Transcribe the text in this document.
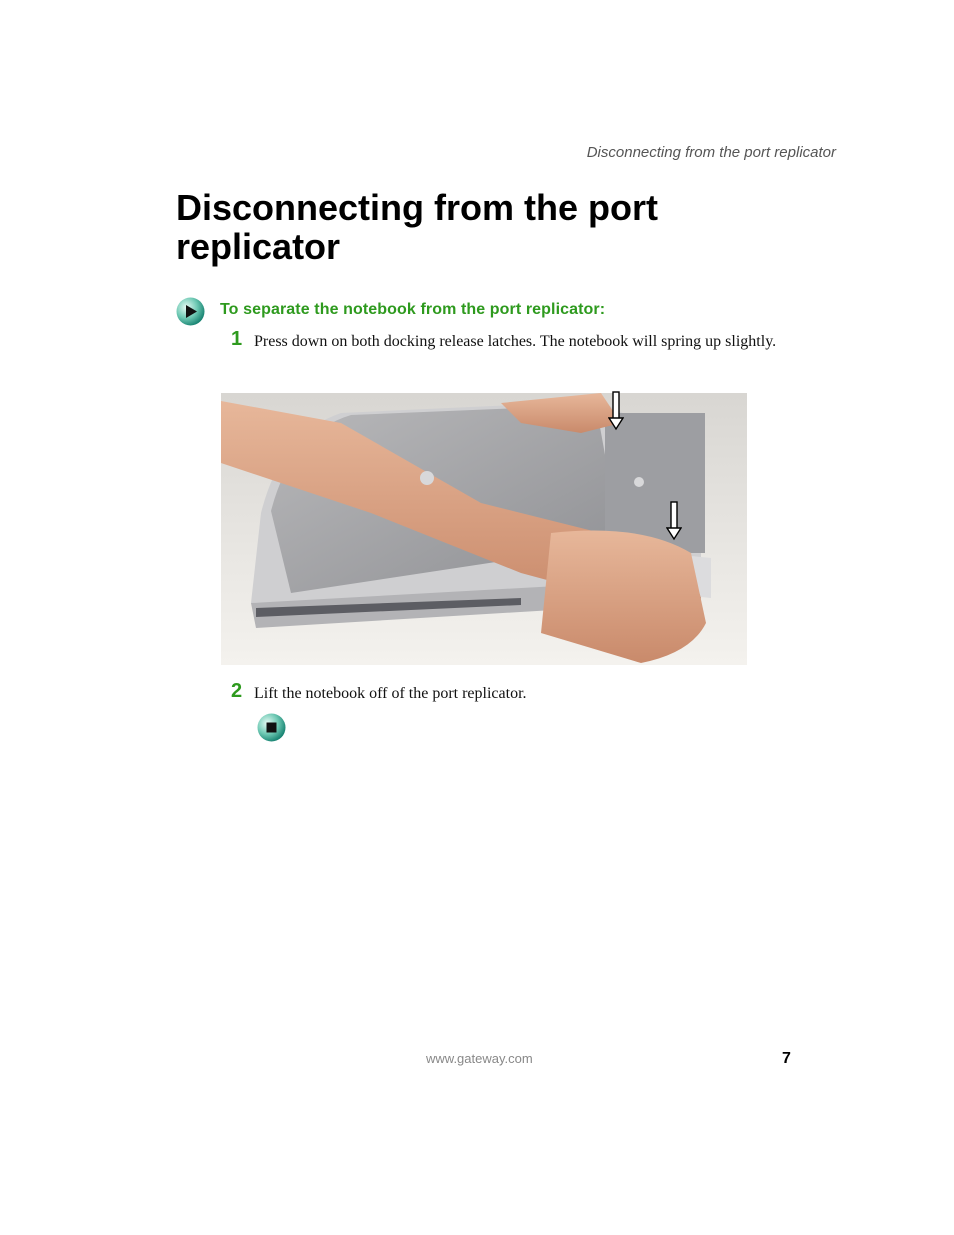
Disconnecting from the port replicator
Disconnecting from the port replicator
To separate the notebook from the port replicator:
1 Press down on both docking release latches. The notebook will spring up slightly.
2 Lift the notebook off of the port replicator.
www.gateway.com	7
